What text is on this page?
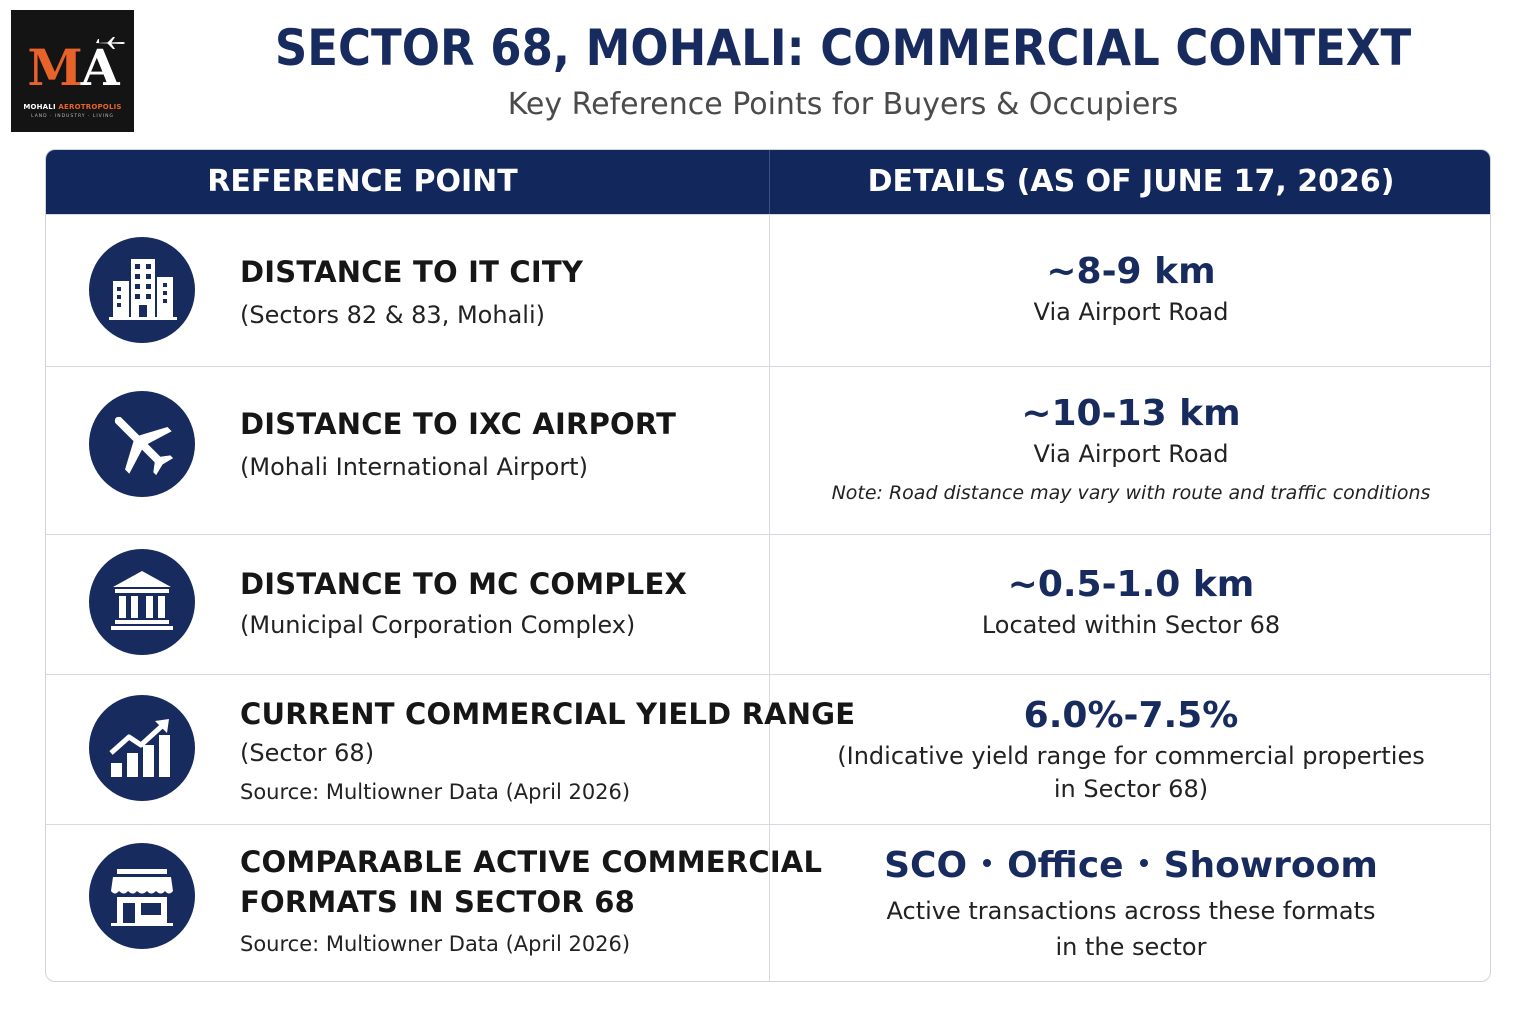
MA
MOHALI AEROTROPOLIS
LAND · INDUSTRY · LIVING
SECTOR 68, MOHALI: COMMERCIAL CONTEXT
Key Reference Points for Buyers & Occupiers
REFERENCE POINT	DETAILS (AS OF JUNE 17, 2026)
DISTANCE TO IT CITY
(Sectors 82 & 83, Mohali)
~8-9 km
Via Airport Road
DISTANCE TO IXC AIRPORT
(Mohali International Airport)
~10-13 km
Via Airport Road
Note: Road distance may vary with route and traffic conditions
DISTANCE TO MC COMPLEX
(Municipal Corporation Complex)
~0.5-1.0 km
Located within Sector 68
CURRENT COMMERCIAL YIELD RANGE
(Sector 68)
Source: Multiowner Data (April 2026)
6.0%-7.5%
(Indicative yield range for commercial properties
in Sector 68)
COMPARABLE ACTIVE COMMERCIAL
FORMATS IN SECTOR 68
Source: Multiowner Data (April 2026)
SCO Office Showroom
Active transactions across these formats
in the sector
